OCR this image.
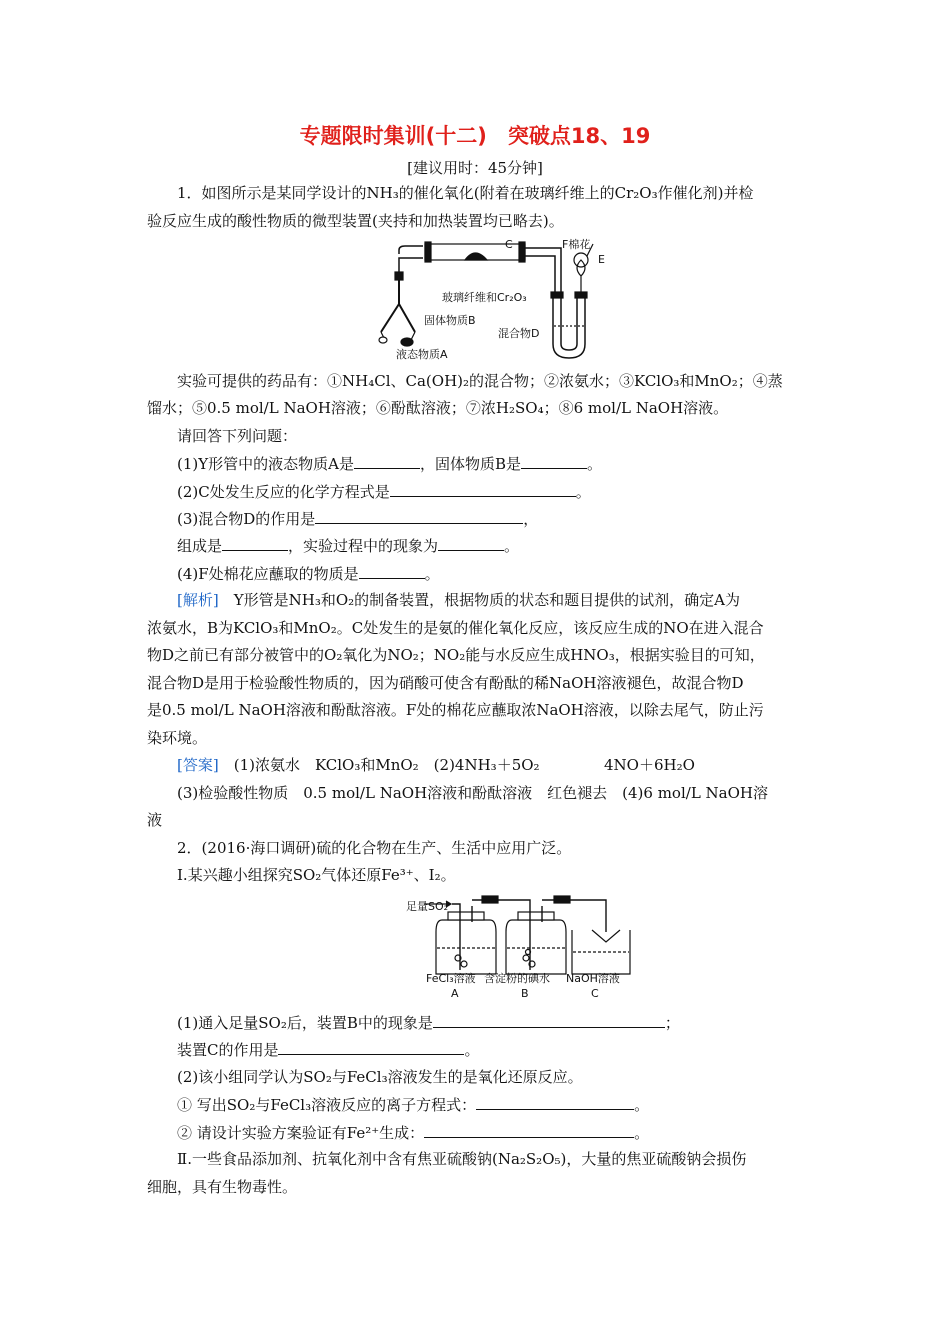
专题限时集训(十二)　突破点18、19
[建议用时：45分钟]
1．如图所示是某同学设计的NH₃的催化氧化(附着在玻璃纤维上的Cr₂O₃作催化剂)并检
验反应生成的酸性物质的微型装置(夹持和加热装置均已略去)。
C	F棉花
E
玻璃纤维和Cr₂O₃
固体物质B
混合物D
液态物质A
实验可提供的药品有：①NH₄Cl、Ca(OH)₂的混合物；②浓氨水；③KClO₃和MnO₂；④蒸
馏水；⑤0.5 mol/L NaOH溶液；⑥酚酞溶液；⑦浓H₂SO₄；⑧6 mol/L NaOH溶液。
请回答下列问题：
(1)Y形管中的液态物质A是	，固体物质B是	。
(2)C处发生反应的化学方程式是	。
(3)混合物D的作用是	，
组成是	，实验过程中的现象为	。
(4)F处棉花应蘸取的物质是	。
[解析]　Y形管是NH₃和O₂的制备装置，根据物质的状态和题目提供的试剂，确定A为
浓氨水，B为KClO₃和MnO₂。C处发生的是氨的催化氧化反应，该反应生成的NO在进入混合
物D之前已有部分被管中的O₂氧化为NO₂；NO₂能与水反应生成HNO₃，根据实验目的可知，
混合物D是用于检验酸性物质的，因为硝酸可使含有酚酞的稀NaOH溶液褪色，故混合物D
是0.5 mol/L NaOH溶液和酚酞溶液。F处的棉花应蘸取浓NaOH溶液，以除去尾气，防止污
染环境。
[答案]　(1)浓氨水　KClO₃和MnO₂　(2)4NH₃＋5O₂	4NO＋6H₂O
(3)检验酸性物质　0.5 mol/L NaOH溶液和酚酞溶液　红色褪去　(4)6 mol/L NaOH溶
液
2．(2016·海口调研)硫的化合物在生产、生活中应用广泛。
Ⅰ.某兴趣小组探究SO₂气体还原Fe³⁺、I₂。
足量SO₂
FeCl₃溶液 含淀粉的碘水 NaOH溶液
A	B	C
(1)通入足量SO₂后，装置B中的现象是	；
装置C的作用是	。
(2)该小组同学认为SO₂与FeCl₃溶液发生的是氧化还原反应。
① 写出SO₂与FeCl₃溶液反应的离子方程式：	。
② 请设计实验方案验证有Fe²⁺生成：	。
Ⅱ.一些食品添加剂、抗氧化剂中含有焦亚硫酸钠(Na₂S₂O₅)，大量的焦亚硫酸钠会损伤
细胞，具有生物毒性。
